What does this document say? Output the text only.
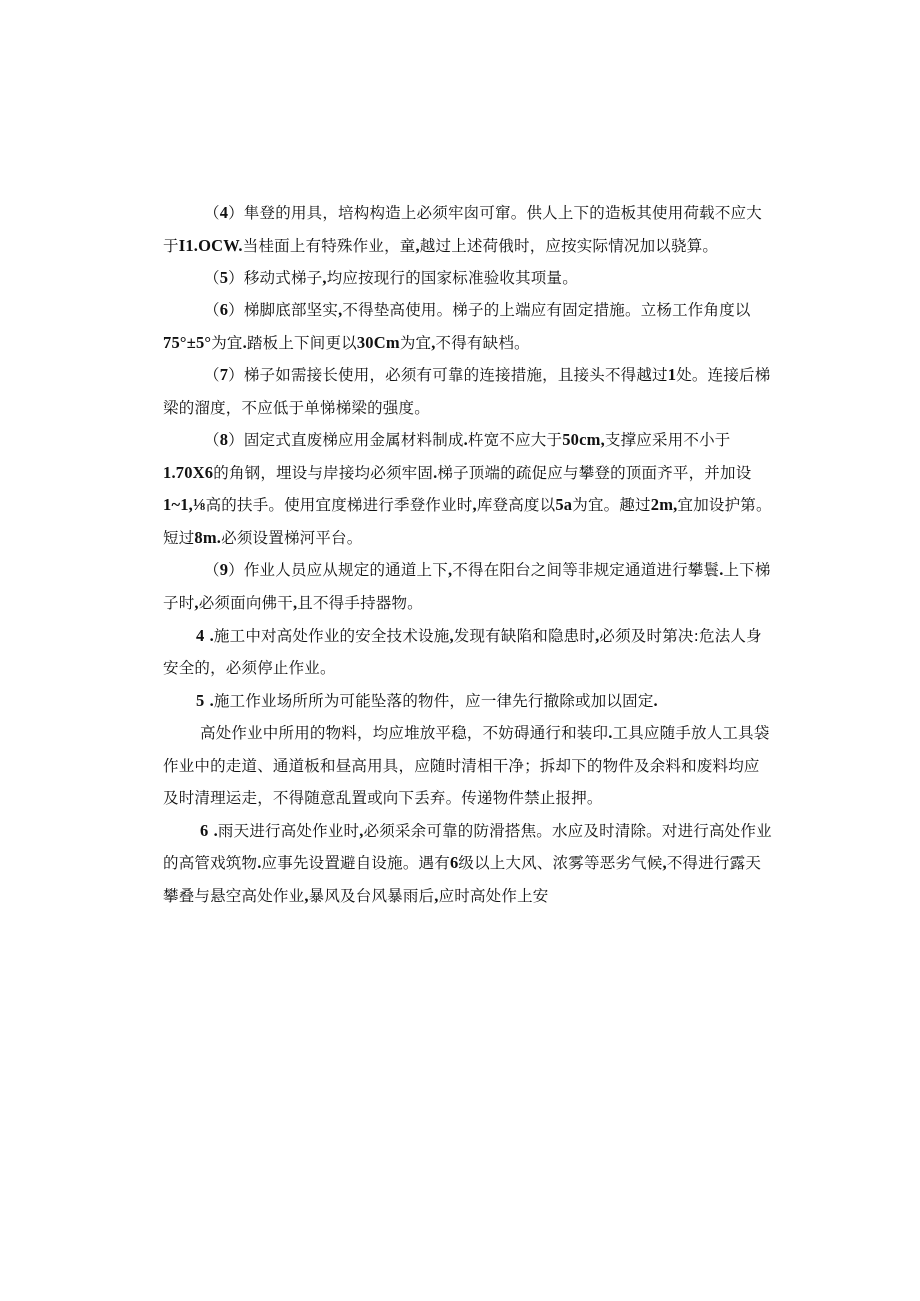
（4）隼登的用具，培构构造上必须牢囱可窜。供人上下的造板其使用荷载不应大
于I1.OCW.当桂面上有特殊作业，童,越过上述荷俄时，应按实际情况加以骁算。
（5）移动式梯子,均应按现行的国家标准验收其项量。
（6）梯脚底部坚实,不得垫高使用。梯子的上端应有固定措施。立杨工作角度以
75°±5°为宜.踏板上下间更以30Cm为宜,不得有缺档。
（7）梯子如需接长使用，必须有可靠的连接措施，且接头不得越过1处。连接后梯
梁的溜度，不应低于单悌梯梁的强度。
（8）固定式直废梯应用金属材料制成.杵宽不应大于50cm,支撑应采用不小于
1.70X6的角钢，埋设与岸接均必须牢固.梯子顶端的疏促应与攀登的顶面齐平，并加设
1~1,⅛高的扶手。使用宜度梯进行季登作业时,库登高度以5a为宜。趣过2m,宜加设护第。
短过8m.必须设置梯河平台。
（9）作业人员应从规定的通道上下,不得在阳台之间等非规定通道进行攀鬟.上下梯
子时,必须面向佛干,且不得手持器物。
4 .施工中对高处作业的安全技术设施,发现有缺陷和隐患时,必须及时第决:危法人身
安全的，必须停止作业。
5 .施工作业场所所为可能坠落的物件，应一律先行撤除或加以固定.
高处作业中所用的物料，均应堆放平稳，不妨碍通行和装印.工具应随手放人工具袋
作业中的走道、通道板和昼高用具，应随时清相干净；拆却下的物件及余料和废料均应
及时清理运走，不得随意乱置或向下丢弃。传递物件禁止报押。
6 .雨天进行高处作业时,必须采余可靠的防滑搭焦。水应及时清除。对进行高处作业
的高管戏筑物.应事先设置避自设施。遇有6级以上大风、浓雾等恶劣气候,不得进行露天
攀叠与悬空高处作业,暴风及台风暴雨后,应时高处作上安
